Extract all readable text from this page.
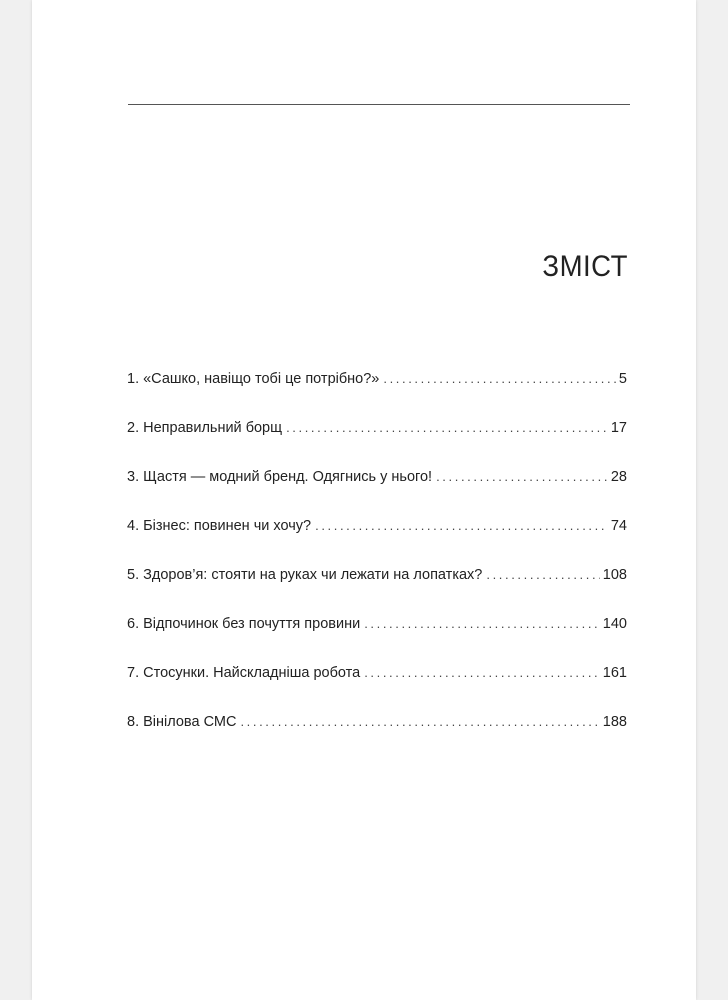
ЗМІСТ
1. «Сашко, навіщо тобі це потрібно?» .....	5
2. Неправильний борщ .....	17
3. Щастя — модний бренд. Одягнись у нього! .....	28
4. Бізнес: повинен чи хочу? .....	74
5. Здоров’я: стояти на руках чи лежати на лопатках? .....	108
6. Відпочинок без почуття провини .....	140
7. Стосунки. Найскладніша робота .....	161
8. Вінілова СМС .....	188
